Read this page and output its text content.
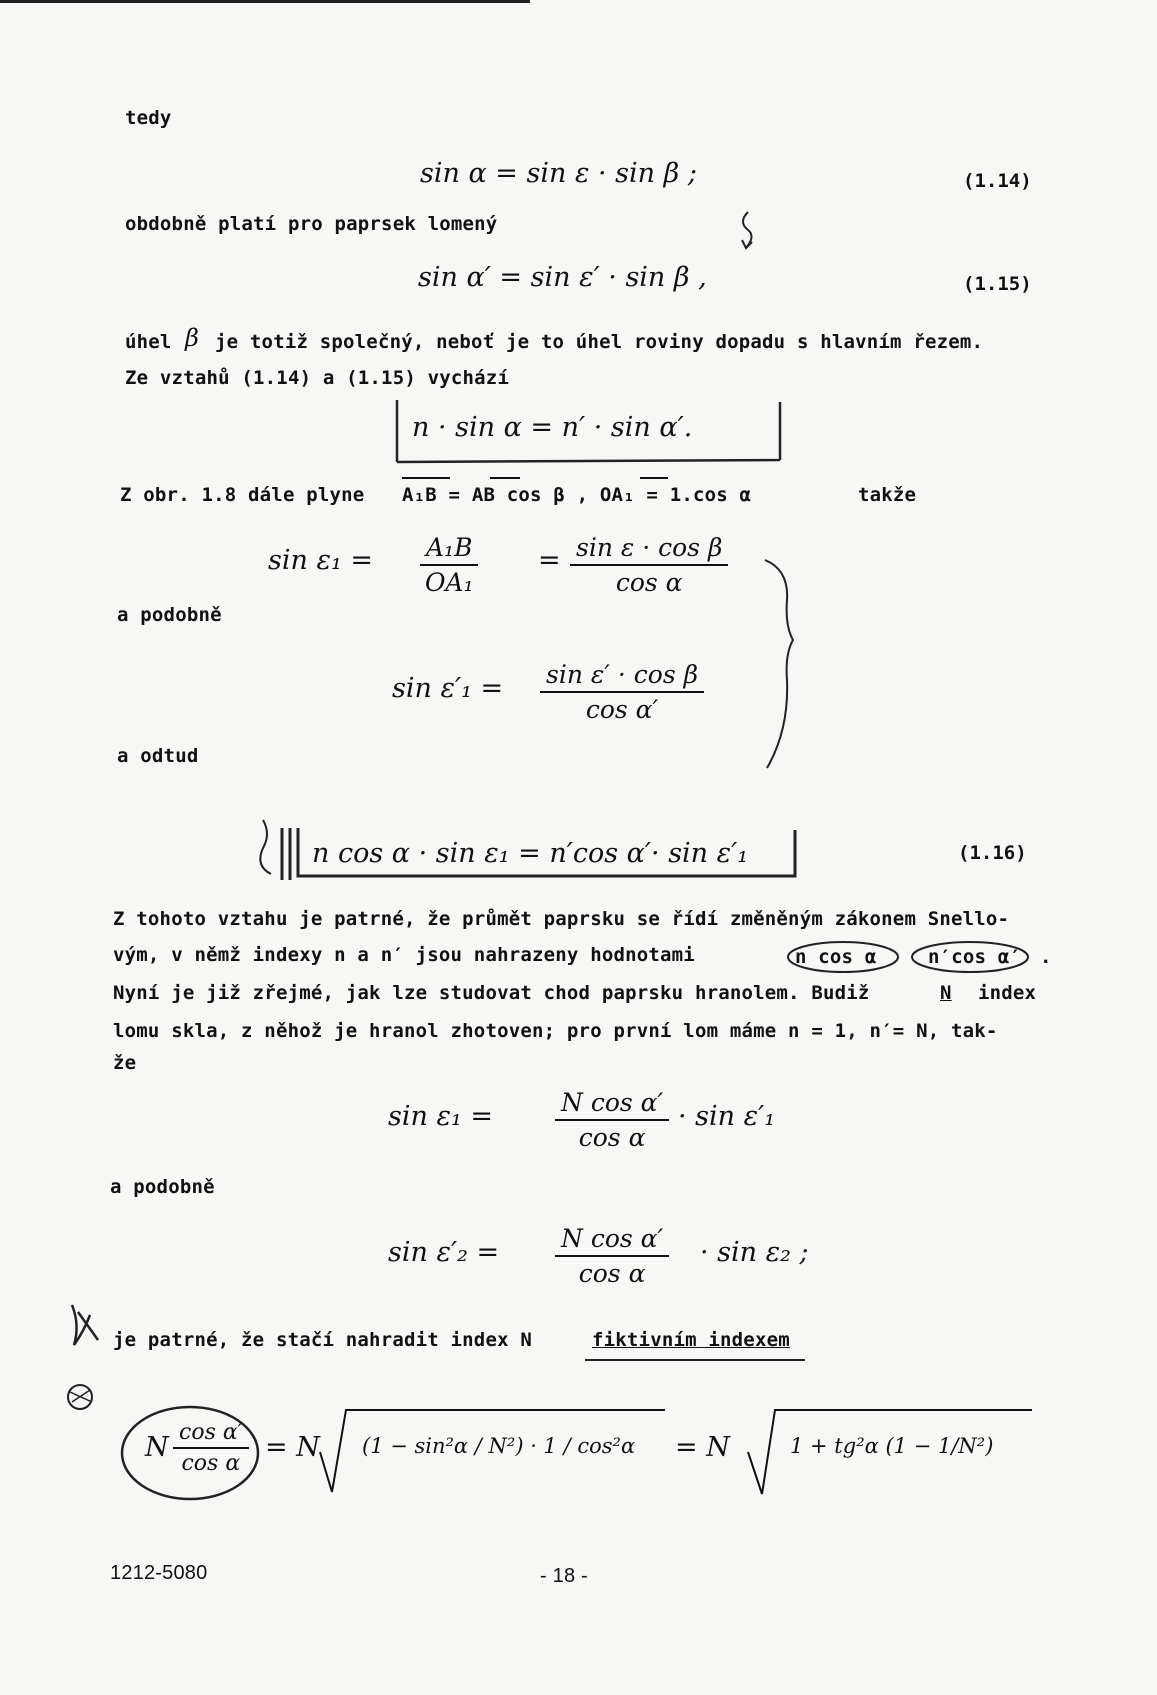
tedy
sin α = sin ε · sin β ;	(1.14)
obdobně platí pro paprsek lomený
sin α′ = sin ε′ · sin β ,	(1.15)
úhel β je totiž společný, neboť je to úhel roviny dopadu s hlavním řezem.
Ze vztahů (1.14) a (1.15) vychází
n · sin α = n′ · sin α′.
Z obr. 1.8 dále plyne A₁B = AB cos β , OA₁ = 1.cos α	takže
$\sin \varepsilon_1 = \frac{\text{A₁B}}{\text{OA₁}} = \frac{\text{sin ε · cos β}}{\text{cos α}}$
a podobně
$\sin \varepsilon'_1 = \frac{\text{sin ε′ · cos β}}{\text{cos α′}}$
a odtud
n cos α · sin ε₁ = n′cos α′· sin ε′₁	(1.16)
Z tohoto vztahu je patrné, že průmět paprsku se řídí změněným zákonem Snello-
vým, v němž indexy n a n′ jsou nahrazeny hodnotami	n cos α	n′cos α′ .
Nyní je již zřejmé, jak lze studovat chod paprsku hranolem. Budiž	N index
lomu skla, z něhož je hranol zhotoven; pro první lom máme n = 1, n′= N, tak-
že
$\sin \varepsilon_1 = \frac{\text{N cos α′}}{\text{cos α}} \cdot \sin \varepsilon'_1$
a podobně
$\sin \varepsilon'_2 = \frac{\text{N cos α′}}{\text{cos α}} \cdot \sin \varepsilon_2$ ;
je patrné, že stačí nahradit index N	fiktivním indexem
N $\frac{\text{cos α′}}{\text{cos α}} = N$ (1 − sin²α / N²) · 1 / cos²α = N	1 + tg²α (1 − 1/N²)
1212-5080	- 18 -
